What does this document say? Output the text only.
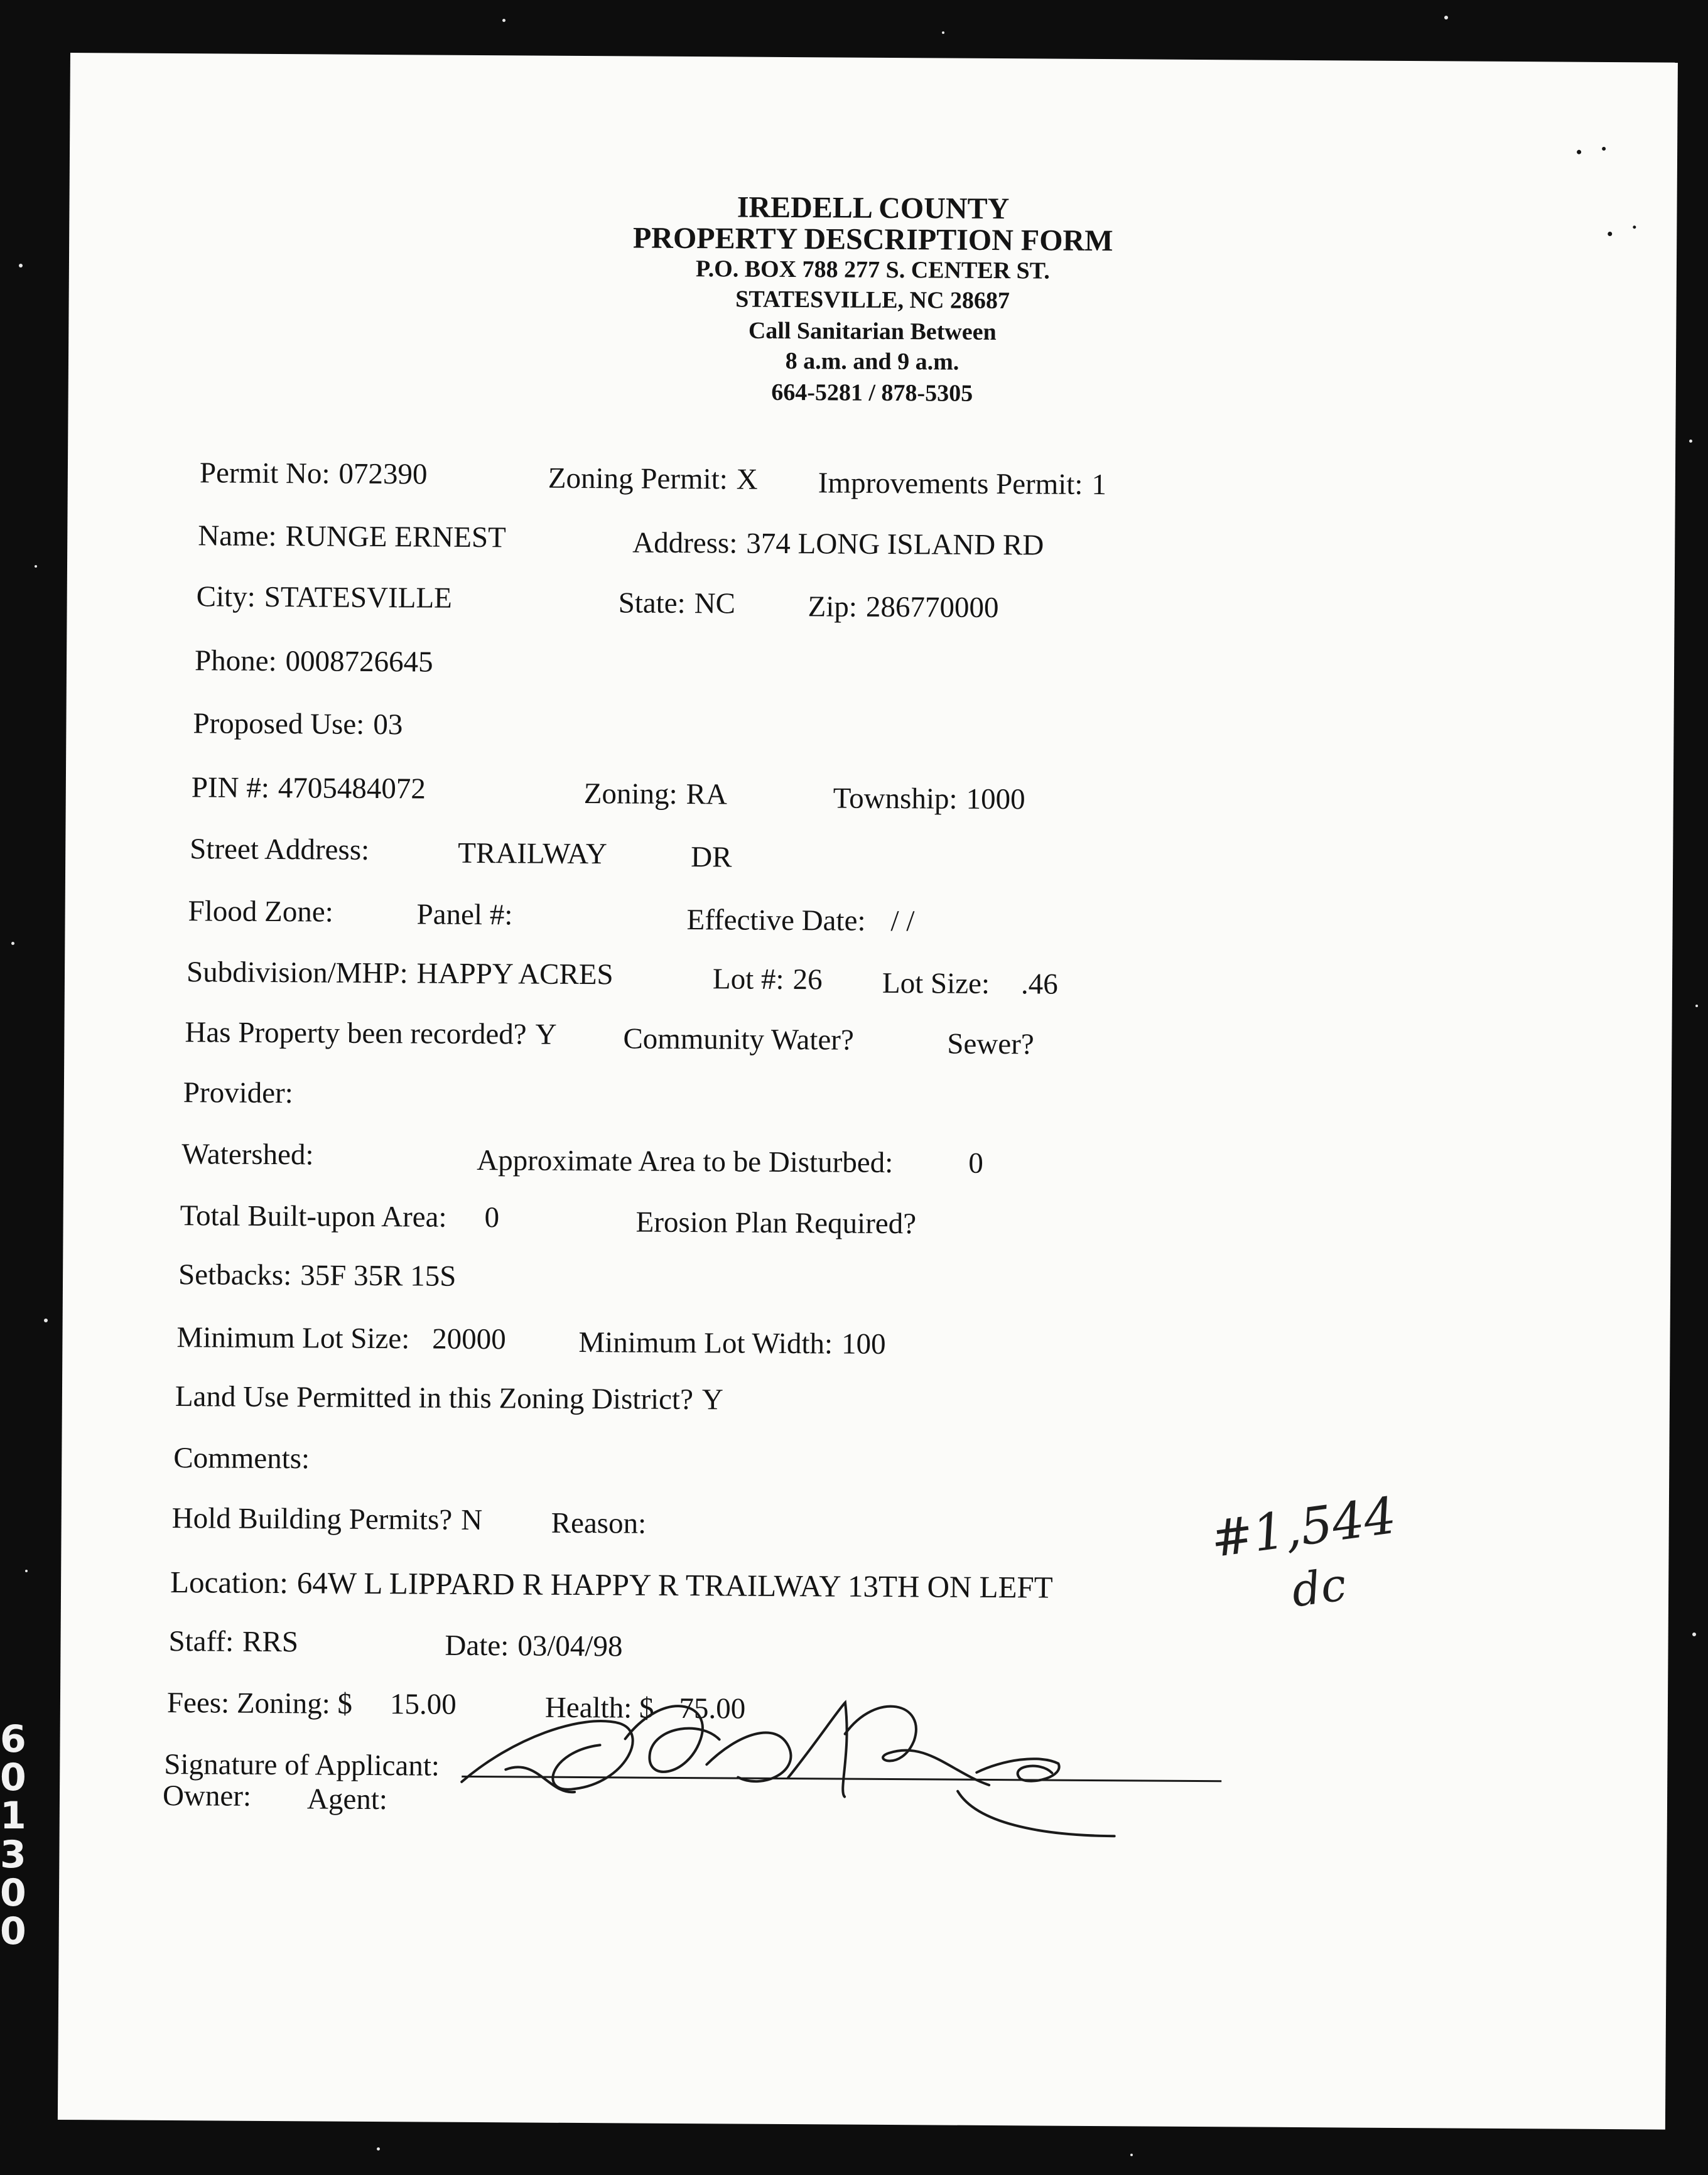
6
0
1
3
0
0
IREDELL COUNTY
PROPERTY DESCRIPTION FORM
P.O. BOX 788 277 S. CENTER ST.
STATESVILLE, NC 28687
Call Sanitarian Between
8 a.m. and 9 a.m.
664-5281 / 878-5305
Permit No: 072390	Zoning Permit: X Improvements Permit: 1
Name: RUNGE ERNEST	Address: 374 LONG ISLAND RD
City: STATESVILLE	State: NC Zip: 286770000
Phone: 0008726645
Proposed Use: 03
PIN #: 4705484072	Zoning: RA	Township: 1000
Street Address:	TRAILWAY	DR
Flood Zone:	Panel #:	Effective Date: / /
Subdivision/MHP: HAPPY ACRES	Lot #: 26 Lot Size: .46
Has Property been recorded? Y Community Water?	Sewer?
Provider:
Watershed:	Approximate Area to be Disturbed:	0
Total Built-upon Area: 0	Erosion Plan Required?
Setbacks: 35F 35R 15S
Minimum Lot Size: 20000 Minimum Lot Width: 100
Land Use Permitted in this Zoning District? Y
Comments:
Hold Building Permits? N Reason:
Location: 64W L LIPPARD R HAPPY R TRAILWAY 13TH ON LEFT
Staff: RRS	Date: 03/04/98
Fees: Zoning: $ 15.00	Health: $ 75.00
Signature of Applicant:
Owner: Agent:
#1,544
dc
